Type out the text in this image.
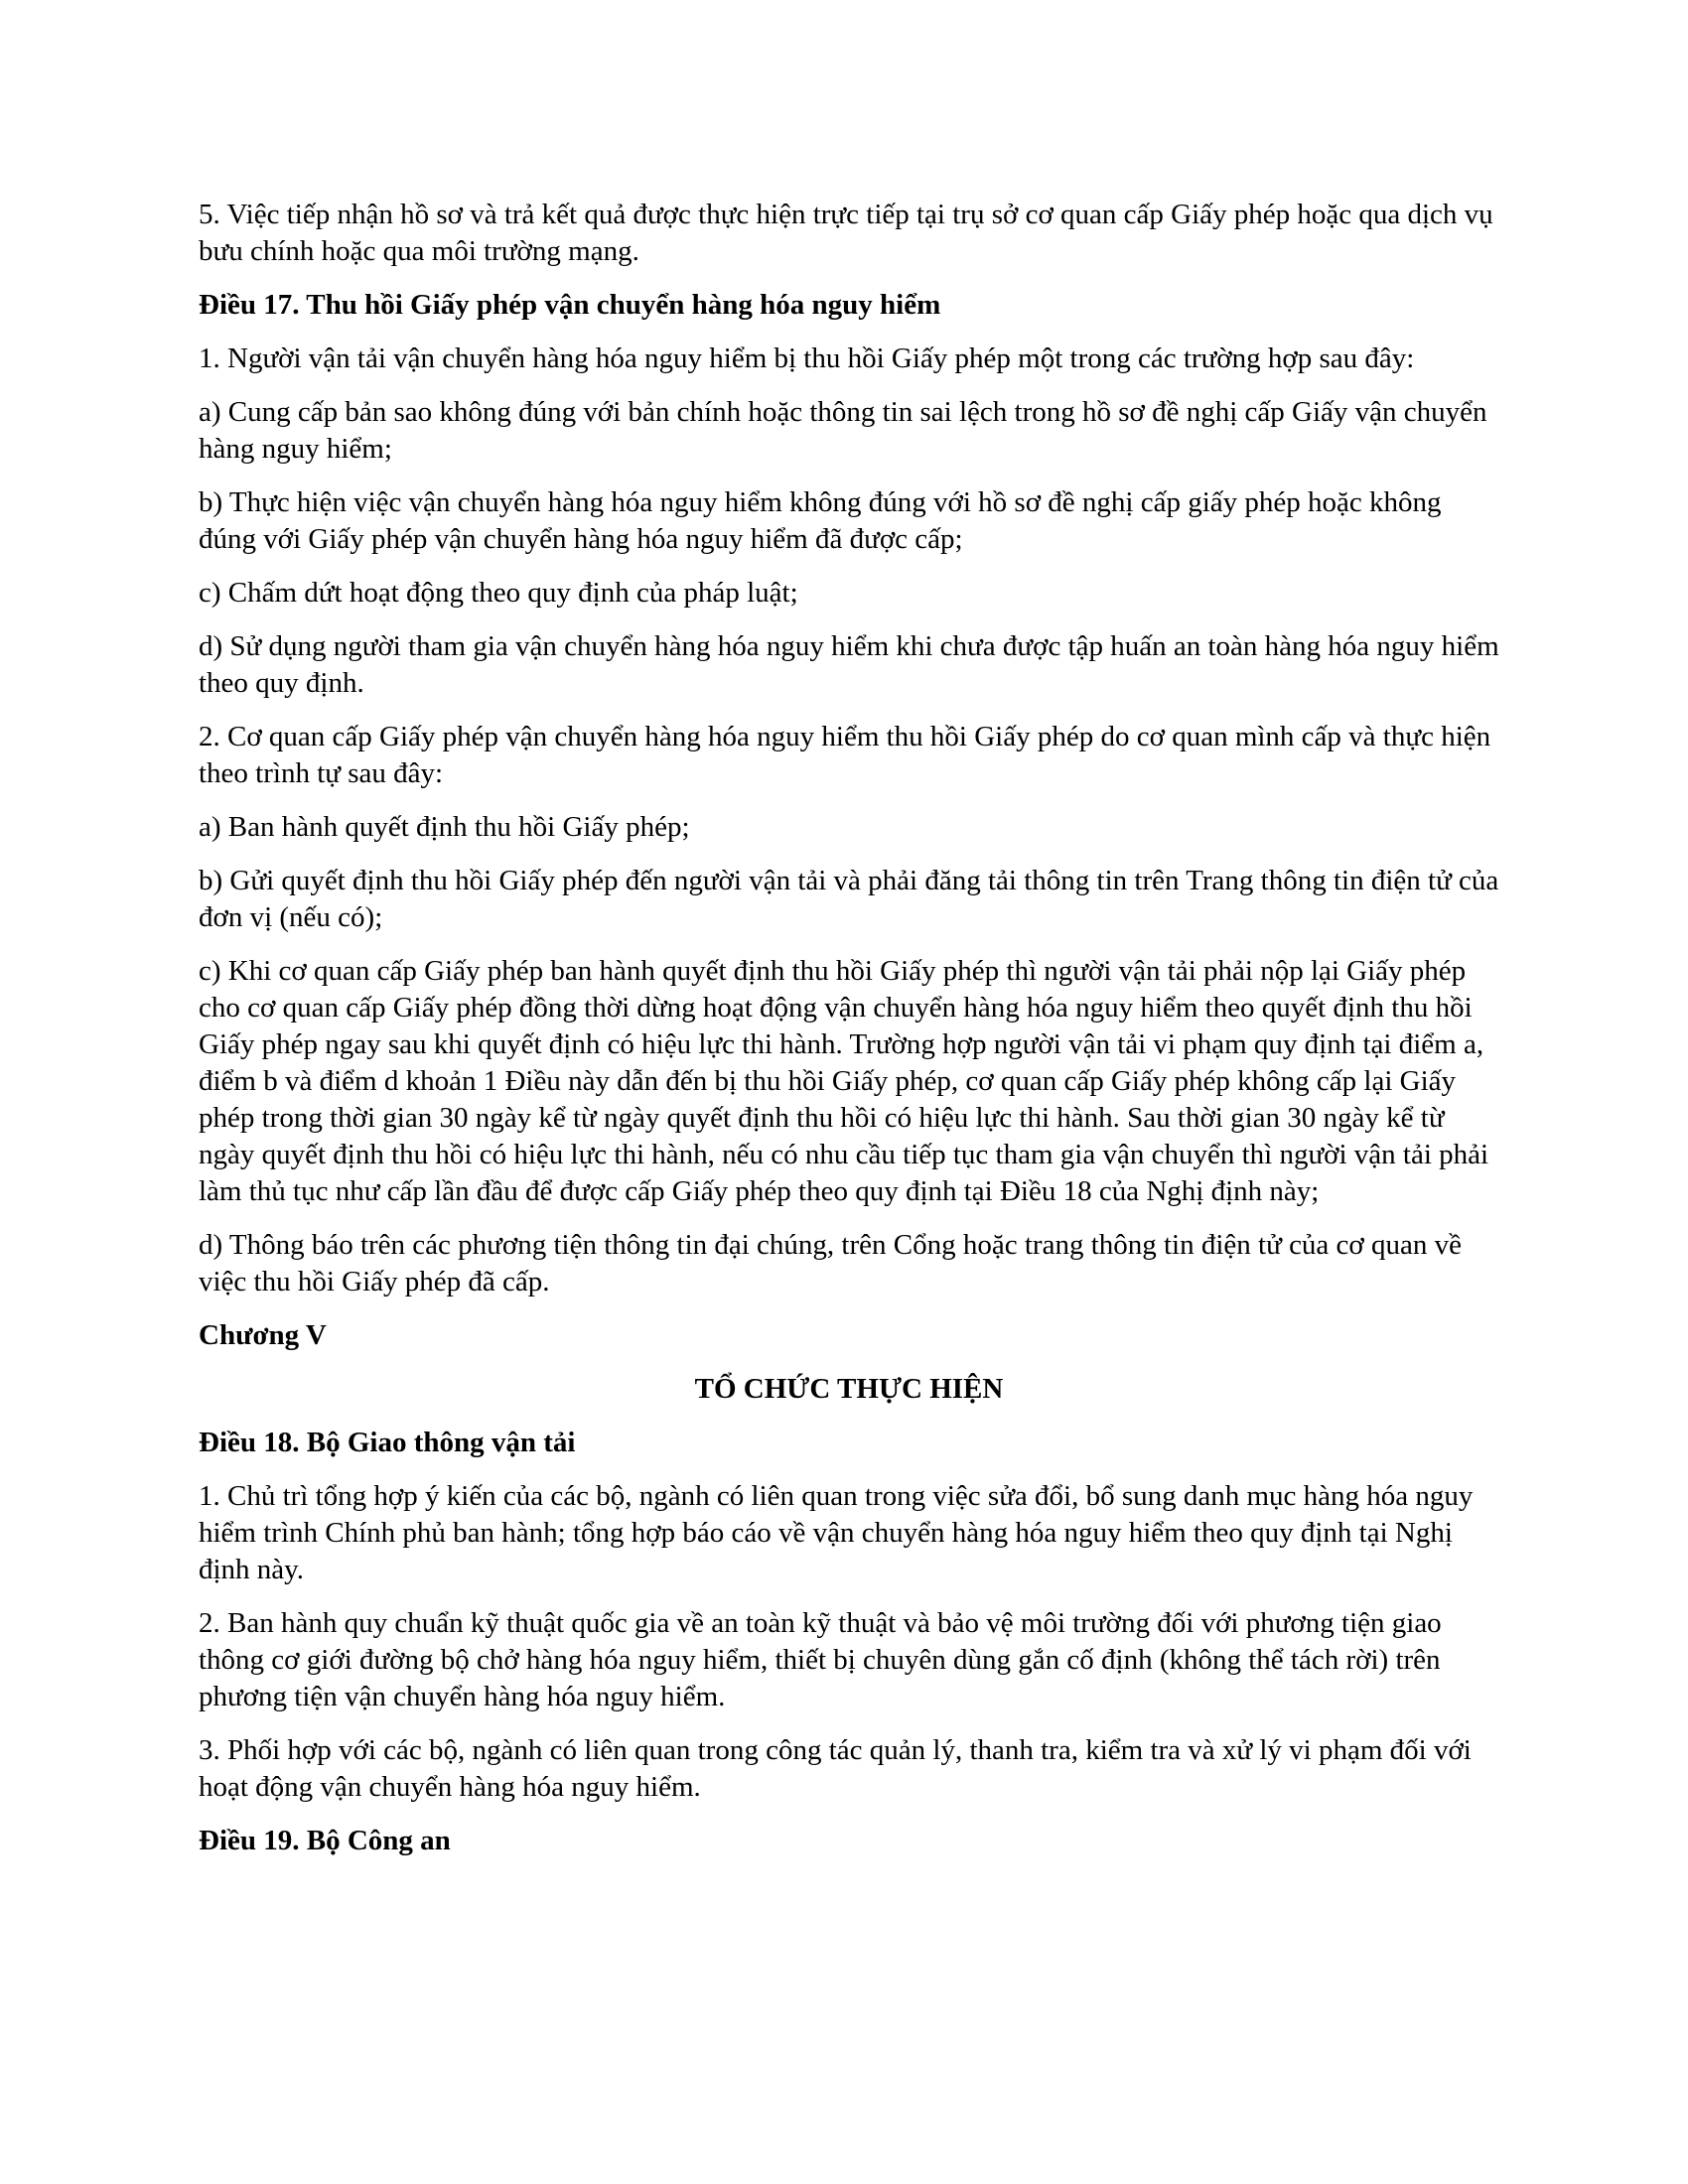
5. Việc tiếp nhận hồ sơ và trả kết quả được thực hiện trực tiếp tại trụ sở cơ quan cấp Giấy phép hoặc qua dịch vụ bưu chính hoặc qua môi trường mạng.

Điều 17. Thu hồi Giấy phép vận chuyển hàng hóa nguy hiểm

1. Người vận tải vận chuyển hàng hóa nguy hiểm bị thu hồi Giấy phép một trong các trường hợp sau đây:

a) Cung cấp bản sao không đúng với bản chính hoặc thông tin sai lệch trong hồ sơ đề nghị cấp Giấy vận chuyển hàng nguy hiểm;

b) Thực hiện việc vận chuyển hàng hóa nguy hiểm không đúng với hồ sơ đề nghị cấp giấy phép hoặc không đúng với Giấy phép vận chuyển hàng hóa nguy hiểm đã được cấp;

c) Chấm dứt hoạt động theo quy định của pháp luật;

d) Sử dụng người tham gia vận chuyển hàng hóa nguy hiểm khi chưa được tập huấn an toàn hàng hóa nguy hiểm theo quy định.

2. Cơ quan cấp Giấy phép vận chuyển hàng hóa nguy hiểm thu hồi Giấy phép do cơ quan mình cấp và thực hiện theo trình tự sau đây:

a) Ban hành quyết định thu hồi Giấy phép;

b) Gửi quyết định thu hồi Giấy phép đến người vận tải và phải đăng tải thông tin trên Trang thông tin điện tử của đơn vị (nếu có);

c) Khi cơ quan cấp Giấy phép ban hành quyết định thu hồi Giấy phép thì người vận tải phải nộp lại Giấy phép cho cơ quan cấp Giấy phép đồng thời dừng hoạt động vận chuyển hàng hóa nguy hiểm theo quyết định thu hồi Giấy phép ngay sau khi quyết định có hiệu lực thi hành. Trường hợp người vận tải vi phạm quy định tại điểm a, điểm b và điểm d khoản 1 Điều này dẫn đến bị thu hồi Giấy phép, cơ quan cấp Giấy phép không cấp lại Giấy phép trong thời gian 30 ngày kể từ ngày quyết định thu hồi có hiệu lực thi hành. Sau thời gian 30 ngày kể từ ngày quyết định thu hồi có hiệu lực thi hành, nếu có nhu cầu tiếp tục tham gia vận chuyển thì người vận tải phải làm thủ tục như cấp lần đầu để được cấp Giấy phép theo quy định tại Điều 18 của Nghị định này;

d) Thông báo trên các phương tiện thông tin đại chúng, trên Cổng hoặc trang thông tin điện tử của cơ quan về việc thu hồi Giấy phép đã cấp.

Chương V

TỔ CHỨC THỰC HIỆN

Điều 18. Bộ Giao thông vận tải

1. Chủ trì tổng hợp ý kiến của các bộ, ngành có liên quan trong việc sửa đổi, bổ sung danh mục hàng hóa nguy hiểm trình Chính phủ ban hành; tổng hợp báo cáo về vận chuyển hàng hóa nguy hiểm theo quy định tại Nghị định này.

2. Ban hành quy chuẩn kỹ thuật quốc gia về an toàn kỹ thuật và bảo vệ môi trường đối với phương tiện giao thông cơ giới đường bộ chở hàng hóa nguy hiểm, thiết bị chuyên dùng gắn cố định (không thể tách rời) trên phương tiện vận chuyển hàng hóa nguy hiểm.

3. Phối hợp với các bộ, ngành có liên quan trong công tác quản lý, thanh tra, kiểm tra và xử lý vi phạm đối với hoạt động vận chuyển hàng hóa nguy hiểm.

Điều 19. Bộ Công an
